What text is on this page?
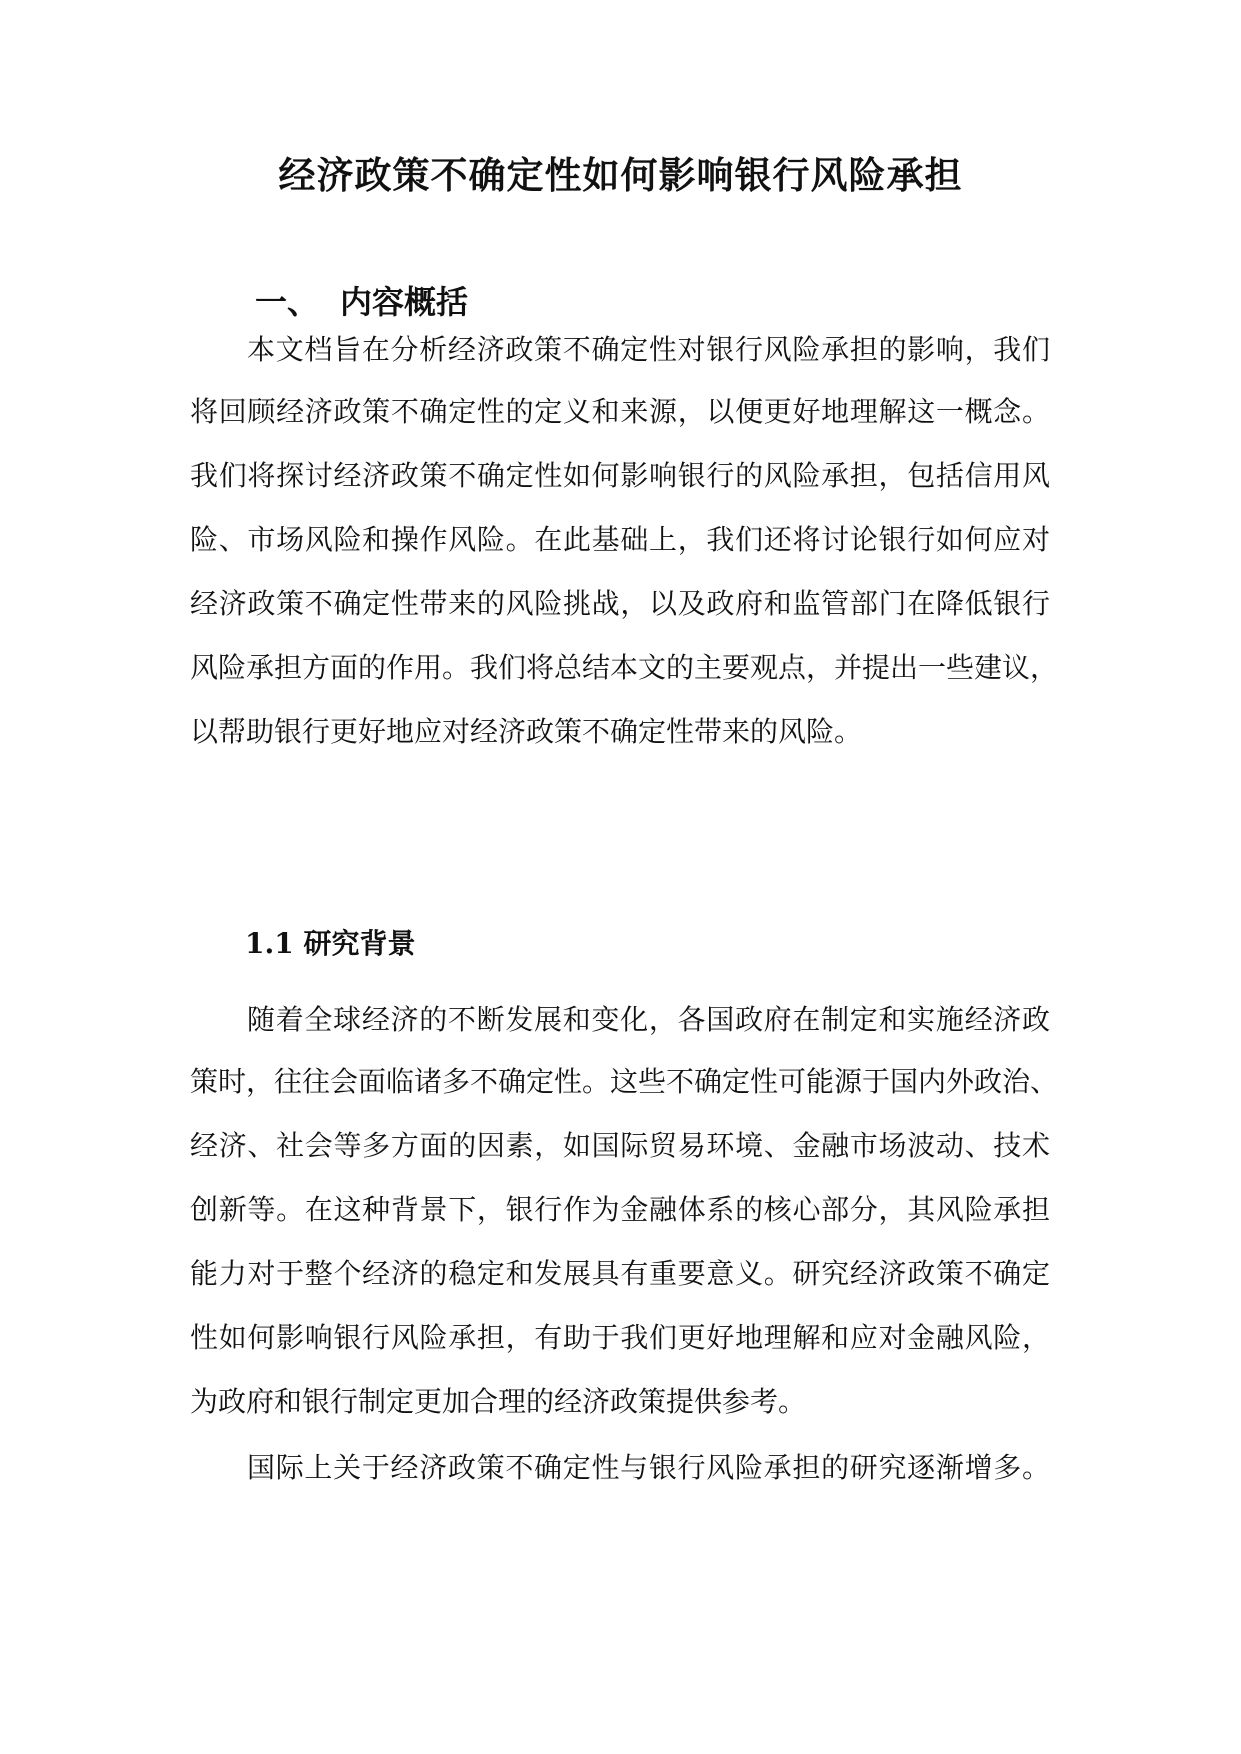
经济政策不确定性如何影响银行风险承担
一、 内容概括
本文档旨在分析经济政策不确定性对银行风险承担的影响，我们
将回顾经济政策不确定性的定义和来源，以便更好地理解这一概念。
我们将探讨经济政策不确定性如何影响银行的风险承担，包括信用风
险、市场风险和操作风险。在此基础上，我们还将讨论银行如何应对
经济政策不确定性带来的风险挑战，以及政府和监管部门在降低银行
风险承担方面的作用。我们将总结本文的主要观点，并提出一些建议，
以帮助银行更好地应对经济政策不确定性带来的风险。
1.1 研究背景
随着全球经济的不断发展和变化，各国政府在制定和实施经济政
策时，往往会面临诸多不确定性。这些不确定性可能源于国内外政治、
经济、社会等多方面的因素，如国际贸易环境、金融市场波动、技术
创新等。在这种背景下，银行作为金融体系的核心部分，其风险承担
能力对于整个经济的稳定和发展具有重要意义。研究经济政策不确定
性如何影响银行风险承担，有助于我们更好地理解和应对金融风险，
为政府和银行制定更加合理的经济政策提供参考。
国际上关于经济政策不确定性与银行风险承担的研究逐渐增多。
